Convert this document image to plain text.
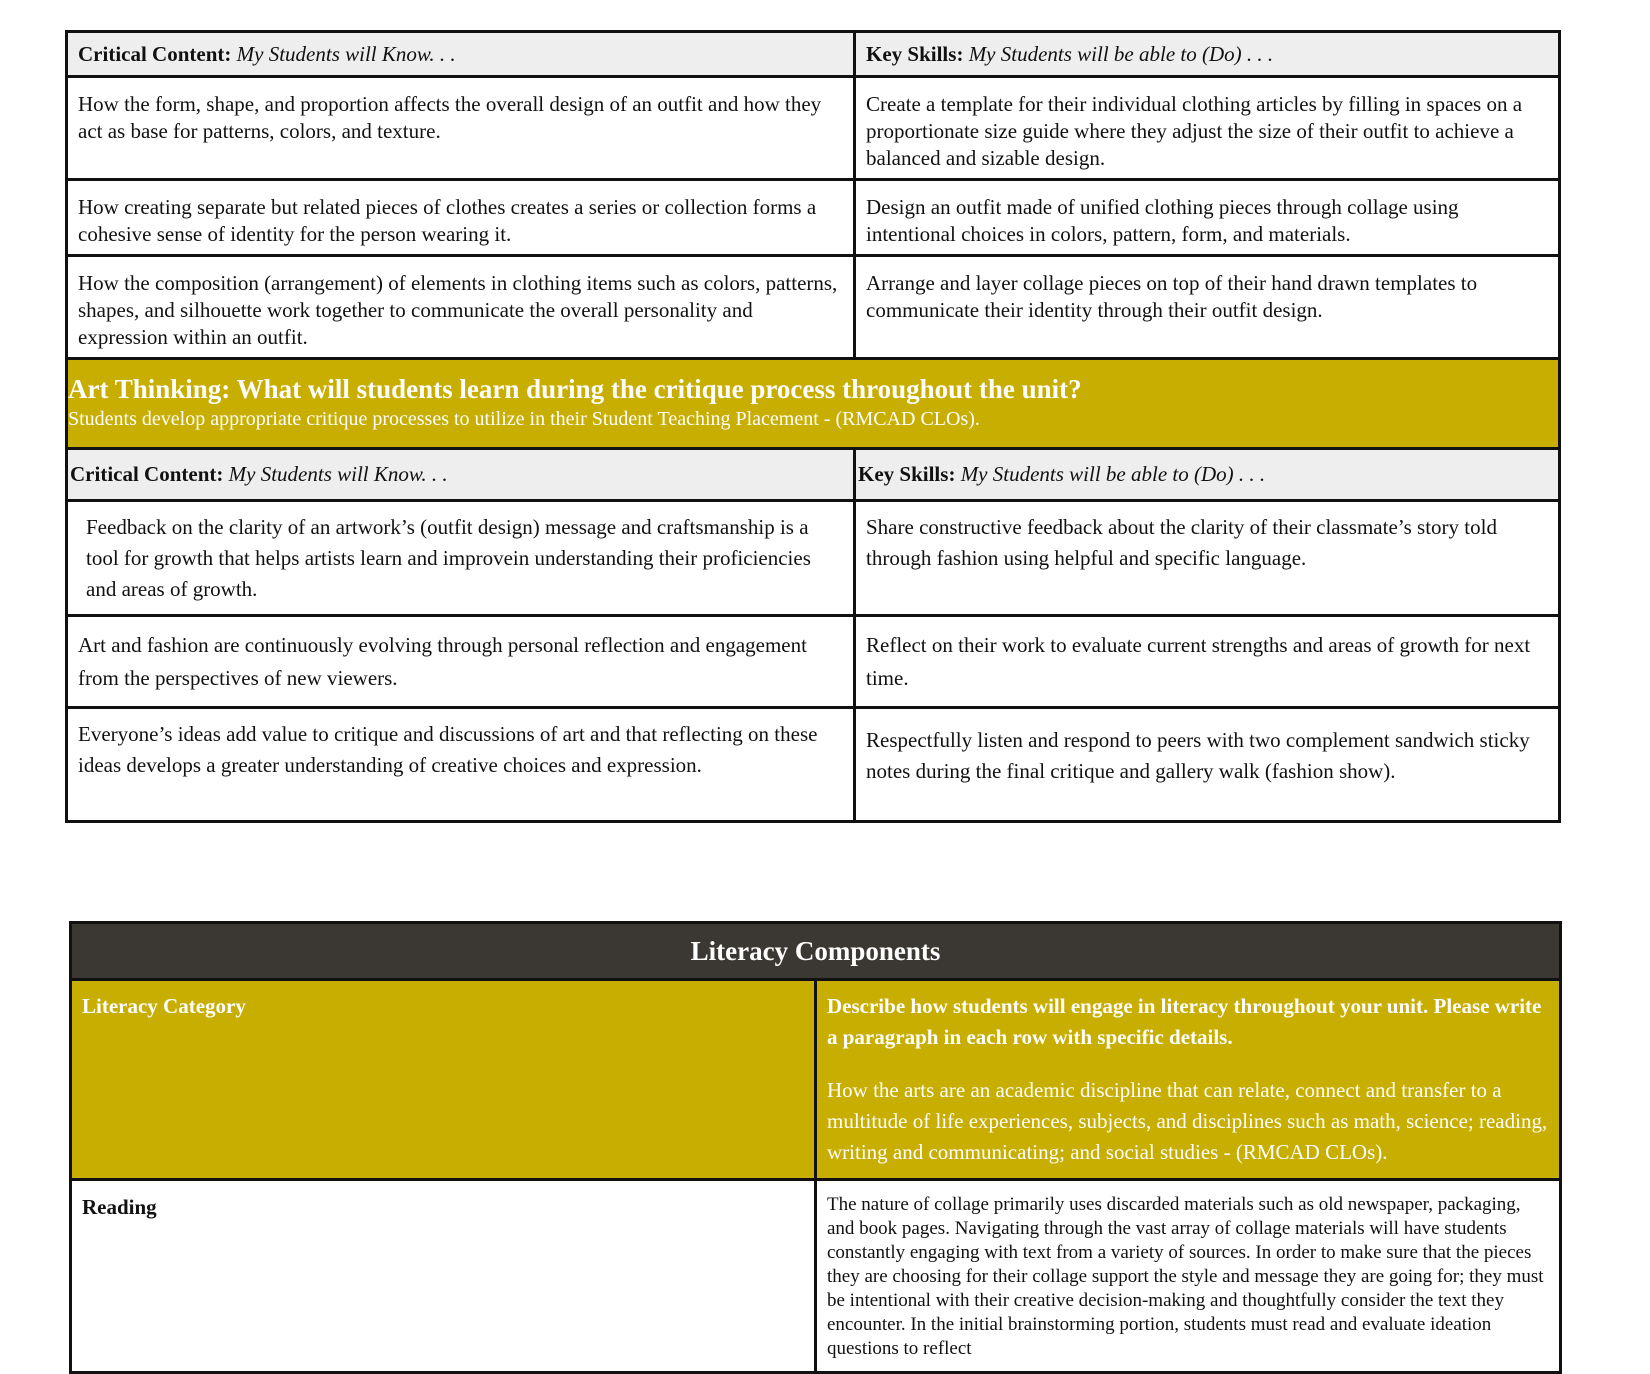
Critical Content: My Students will Know. . .	Key Skills: My Students will be able to (Do) . . .
How the form, shape, and proportion affects the overall design of an outfit and how they act as base for patterns, colors, and texture.	Create a template for their individual clothing articles by filling in spaces on a proportionate size guide where they adjust the size of their outfit to achieve a balanced and sizable design.
How creating separate but related pieces of clothes creates a series or collection forms a cohesive sense of identity for the person wearing it.	Design an outfit made of unified clothing pieces through collage using intentional choices in colors, pattern, form, and materials.
How the composition (arrangement) of elements in clothing items such as colors, patterns, shapes, and silhouette work together to communicate the overall personality and expression within an outfit.	Arrange and layer collage pieces on top of their hand drawn templates to communicate their identity through their outfit design.

Art Thinking: What will students learn during the critique process throughout the unit?
Students develop appropriate critique processes to utilize in their Student Teaching Placement - (RMCAD CLOs).	

Critical Content: My Students will Know. . .	Key Skills: My Students will be able to (Do) . . .
Feedback on the clarity of an artwork’s (outfit design) message and craftsmanship is a tool for growth that helps artists learn and improvein understanding their proficiencies and areas of growth.	Share constructive feedback about the clarity of their classmate’s story told through fashion using helpful and specific language.
Art and fashion are continuously evolving through personal reflection and engagement from the perspectives of new viewers.	Reflect on their work to evaluate current strengths and areas of growth for next time.
Everyone’s ideas add value to critique and discussions of art and that reflecting on these ideas develops a greater understanding of creative choices and expression.	Respectfully listen and respond to peers with two complement sandwich sticky notes during the final critique and gallery walk (fashion show).
Literacy Components	
Literacy Category	Describe how students will engage in literacy throughout your unit. Please write a paragraph in each row with specific details.

How the arts are an academic discipline that can relate, connect and transfer to a multitude of life experiences, subjects, and disciplines such as math, science; reading, writing and communicating; and social studies - (RMCAD CLOs).

Reading	The nature of collage primarily uses discarded materials such as old newspaper, packaging, and book pages. Navigating through the vast array of collage materials will have students constantly engaging with text from a variety of sources. In order to make sure that the pieces they are choosing for their collage support the style and message they are going for; they must be intentional with their creative decision-making and thoughtfully consider the text they encounter. In the initial brainstorming portion, students must read and evaluate ideation questions to reflect
